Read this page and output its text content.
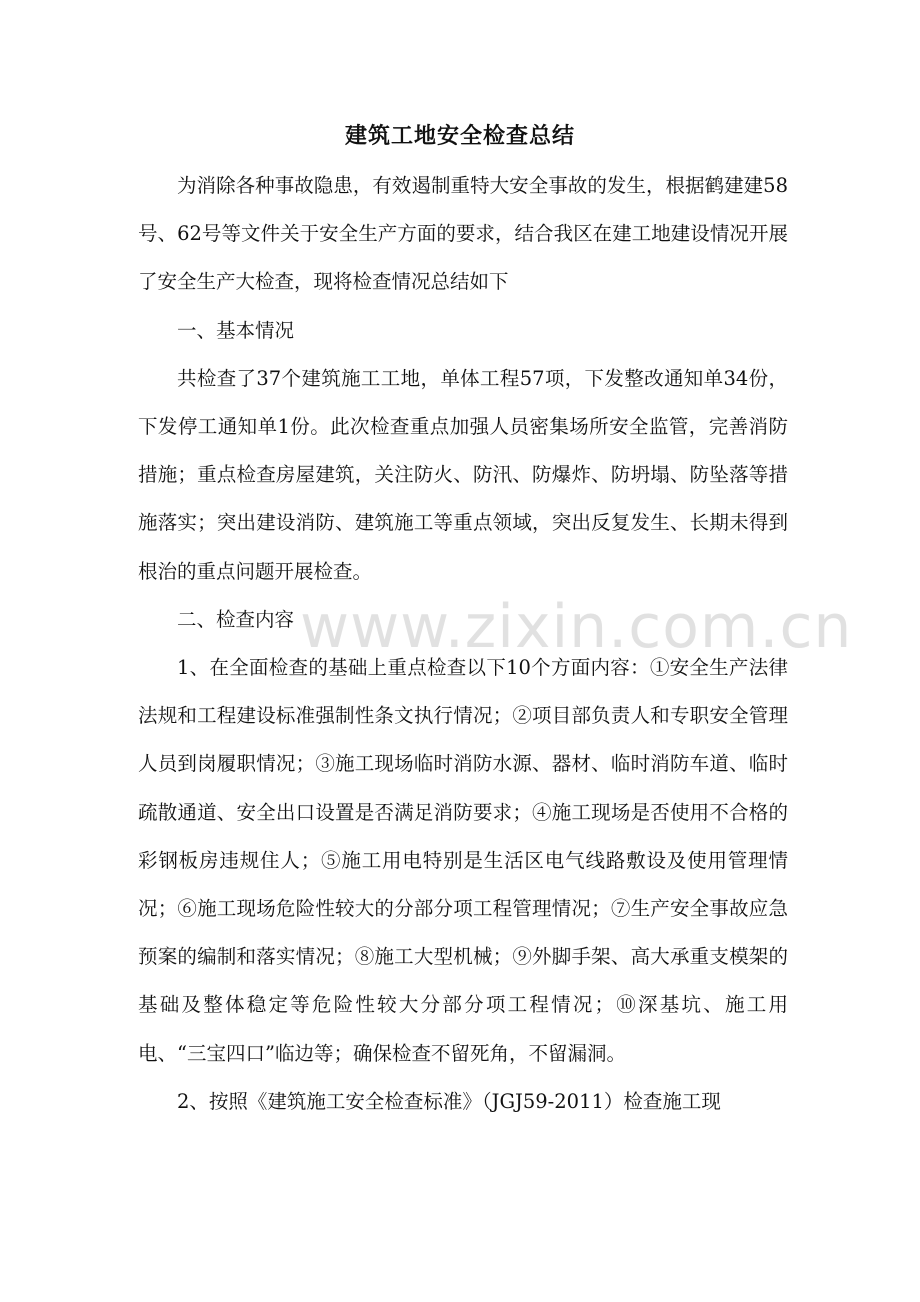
建筑工地安全检查总结

为消除各种事故隐患，有效遏制重特大安全事故的发生，根据鹤建建58号、62号等文件关于安全生产方面的要求，结合我区在建工地建设情况开展了安全生产大检查，现将检查情况总结如下

一、基本情况

共检查了37个建筑施工工地，单体工程57项，下发整改通知单34份，下发停工通知单1份。此次检查重点加强人员密集场所安全监管，完善消防措施；重点检查房屋建筑，关注防火、防汛、防爆炸、防坍塌、防坠落等措施落实；突出建设消防、建筑施工等重点领域，突出反复发生、长期未得到根治的重点问题开展检查。

二、检查内容

1、在全面检查的基础上重点检查以下10个方面内容：①安全生产法律法规和工程建设标准强制性条文执行情况；②项目部负责人和专职安全管理人员到岗履职情况；③施工现场临时消防水源、器材、临时消防车道、临时疏散通道、安全出口设置是否满足消防要求；④施工现场是否使用不合格的彩钢板房违规住人；⑤施工用电特别是生活区电气线路敷设及使用管理情况；⑥施工现场危险性较大的分部分项工程管理情况；⑦生产安全事故应急预案的编制和落实情况；⑧施工大型机械；⑨外脚手架、高大承重支模架的基础及整体稳定等危险性较大分部分项工程情况；⑩深基坑、施工用电、“三宝四口”临边等；确保检查不留死角，不留漏洞。

2、按照《建筑施工安全检查标准》（JGJ59-2011）检查施工现

www.zixin.com.cn
